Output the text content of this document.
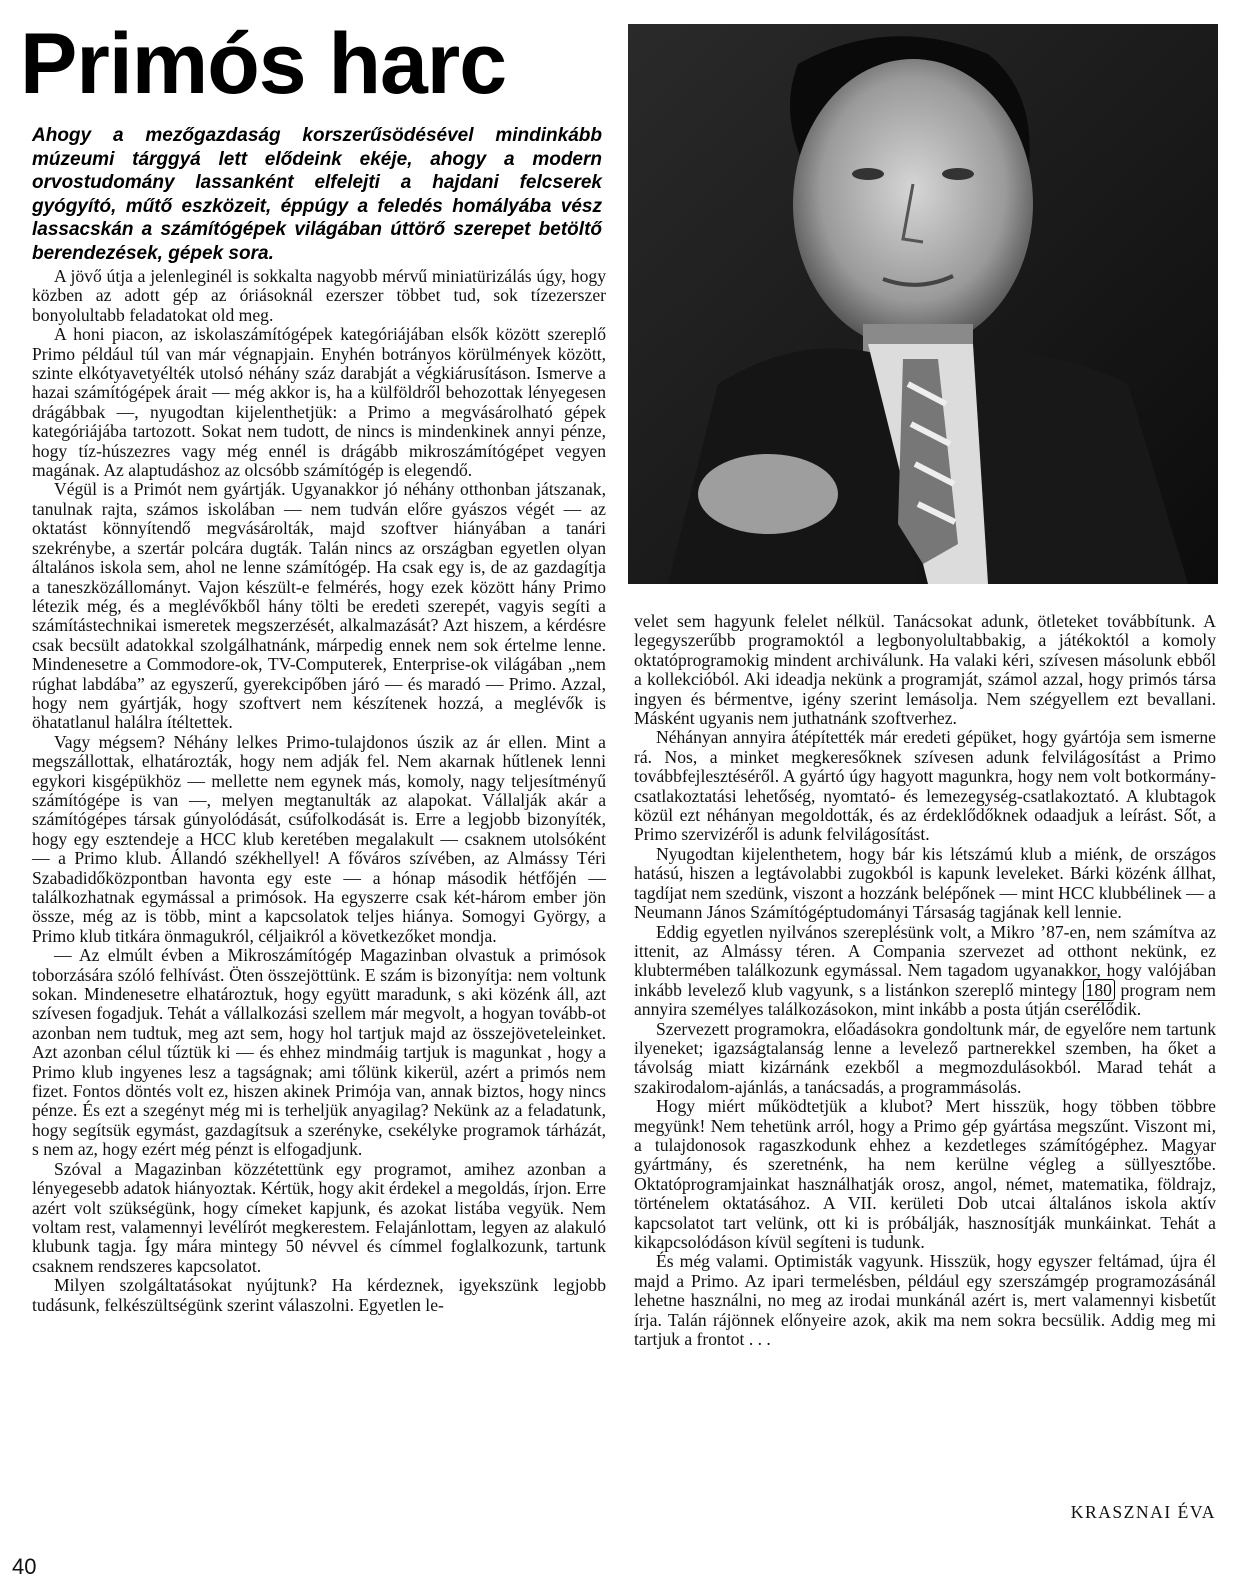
Primós harc

Ahogy a mezőgazdaság korszerűsödésével mindinkább múzeumi tárggyá lett elődeink ekéje, ahogy a modern orvostudomány lassanként elfelejti a hajdani felcserek gyógyító, műtő eszközeit, éppúgy a feledés homályába vész lassacskán a számítógépek világában úttörő szerepet betöltő berendezések, gépek sora.

A jövő útja a jelenleginél is sokkalta nagyobb mérvű miniatürizálás úgy, hogy közben az adott gép az óriásoknál ezerszer többet tud, sok tízezerszer bonyolultabb feladatokat old meg.

A honi piacon, az iskolaszámítógépek kategóriájában elsők között szereplő Primo például túl van már végnapjain. Enyhén botrányos körülmények között, szinte elkótyavetyélték utolsó néhány száz darabját a végkiárusításon. Ismerve a hazai számítógépek árait — még akkor is, ha a külföldről behozottak lényegesen drágábbak —, nyugodtan kijelenthetjük: a Primo a megvásárolható gépek kategóriájába tartozott. Sokat nem tudott, de nincs is mindenkinek annyi pénze, hogy tíz-húszezres vagy még ennél is drágább mikroszámítógépet vegyen magának. Az alaptudáshoz az olcsóbb számítógép is elegendő.

Végül is a Primót nem gyártják. Ugyanakkor jó néhány otthonban játszanak, tanulnak rajta, számos iskolában — nem tudván előre gyászos végét — az oktatást könnyítendő megvásárolták, majd szoftver hiányában a tanári szekrénybe, a szertár polcára dugták. Talán nincs az országban egyetlen olyan általános iskola sem, ahol ne lenne számítógép. Ha csak egy is, de az gazdagítja a taneszközállományt. Vajon készült-e felmérés, hogy ezek között hány Primo létezik még, és a meglévőkből hány tölti be eredeti szerepét, vagyis segíti a számítástechnikai ismeretek megszerzését, alkalmazását? Azt hiszem, a kérdésre csak becsült adatokkal szolgálhatnánk, márpedig ennek nem sok értelme lenne. Mindenesetre a Commodore-ok, TV-Computerek, Enterprise-ok világában „nem rúghat labdába” az egyszerű, gyerekcipőben járó — és maradó — Primo. Azzal, hogy nem gyártják, hogy szoftvert nem készítenek hozzá, a meglévők is öhatatlanul halálra ítéltettek.

Vagy mégsem? Néhány lelkes Primo-tulajdonos úszik az ár ellen. Mint a megszállottak, elhatározták, hogy nem adják fel. Nem akarnak hűtlenek lenni egykori kisgépükhöz — mellette nem egynek más, komoly, nagy teljesítményű számítógépe is van —, melyen megtanulták az alapokat. Vállalják akár a számítógépes társak gúnyolódását, csúfolkodását is. Erre a legjobb bizonyíték, hogy egy esztendeje a HCC klub keretében megalakult — csaknem utolsóként — a Primo klub. Állandó székhellyel! A főváros szívében, az Almássy Téri Szabadidőközpontban havonta egy este — a hónap második hétfőjén — találkozhatnak egymással a primósok. Ha egyszerre csak két-három ember jön össze, még az is több, mint a kapcsolatok teljes hiánya. Somogyi György, a Primo klub titkára önmagukról, céljaikról a következőket mondja.

— Az elmúlt évben a Mikroszámítógép Magazinban olvastuk a primósok toborzására szóló felhívást. Öten összejöttünk. E szám is bizonyítja: nem voltunk sokan. Mindenesetre elhatároztuk, hogy együtt maradunk, s aki közénk áll, azt szívesen fogadjuk. Tehát a vállalkozási szellem már megvolt, a hogyan tovább-ot azonban nem tudtuk, meg azt sem, hogy hol tartjuk majd az összejöveteleinket. Azt azonban célul tűztük ki — és ehhez mindmáig tartjuk is magunkat , hogy a Primo klub ingyenes lesz a tagságnak; ami tőlünk kikerül, azért a primós nem fizet. Fontos döntés volt ez, hiszen akinek Primója van, annak biztos, hogy nincs pénze. És ezt a szegényt még mi is terheljük anyagilag? Nekünk az a feladatunk, hogy segítsük egymást, gazdagítsuk a szerényke, csekélyke programok tárházát, s nem az, hogy ezért még pénzt is elfogadjunk.

Szóval a Magazinban közzétettünk egy programot, amihez azonban a lényegesebb adatok hiányoztak. Kértük, hogy akit érdekel a megoldás, írjon. Erre azért volt szükségünk, hogy címeket kapjunk, és azokat listába vegyük. Nem voltam rest, valamennyi levélírót megkerestem. Felajánlottam, legyen az alakuló klubunk tagja. Így mára mintegy 50 névvel és címmel foglalkozunk, tartunk csaknem rendszeres kapcsolatot.

Milyen szolgáltatásokat nyújtunk? Ha kérdeznek, igyekszünk legjobb tudásunk, felkészültségünk szerint válaszolni. Egyetlen le-

velet sem hagyunk felelet nélkül. Tanácsokat adunk, ötleteket továbbítunk. A legegyszerűbb programoktól a legbonyolultabbakig, a játékoktól a komoly oktatóprogramokig mindent archiválunk. Ha valaki kéri, szívesen másolunk ebből a kollekcióból. Aki ideadja nekünk a programját, számol azzal, hogy primós társa ingyen és bérmentve, igény szerint lemásolja. Nem szégyellem ezt bevallani. Másként ugyanis nem juthatnánk szoftverhez.

Néhányan annyira átépítették már eredeti gépüket, hogy gyártója sem ismerne rá. Nos, a minket megkeresőknek szívesen adunk felvilágosítást a Primo továbbfejlesztéséről. A gyártó úgy hagyott magunkra, hogy nem volt botkormány-csatlakoztatási lehetőség, nyomtató- és lemezegység-csatlakoztató. A klubtagok közül ezt néhányan megoldották, és az érdeklődőknek odaadjuk a leírást. Sőt, a Primo szervizéről is adunk felvilágosítást.

Nyugodtan kijelenthetem, hogy bár kis létszámú klub a miénk, de országos hatású, hiszen a legtávolabbi zugokból is kapunk leveleket. Bárki közénk állhat, tagdíjat nem szedünk, viszont a hozzánk belépőnek — mint HCC klubbélinek — a Neumann János Számítógéptudományi Társaság tagjának kell lennie.

Eddig egyetlen nyilvános szereplésünk volt, a Mikro ’87-en, nem számítva az ittenit, az Almássy téren. A Compania szervezet ad otthont nekünk, ez klubtermében találkozunk egymással. Nem tagadom ugyanakkor, hogy valójában inkább levelező klub vagyunk, s a listánkon szereplő mintegy 180 program nem annyira személyes találkozásokon, mint inkább a posta útján cserélődik.

Szervezett programokra, előadásokra gondoltunk már, de egyelőre nem tartunk ilyeneket; igazságtalanság lenne a levelező partnerekkel szemben, ha őket a távolság miatt kizárnánk ezekből a megmozdulásokból. Marad tehát a szakirodalom-ajánlás, a tanácsadás, a programmásolás.

Hogy miért működtetjük a klubot? Mert hisszük, hogy többen többre megyünk! Nem tehetünk arról, hogy a Primo gép gyártása megszűnt. Viszont mi, a tulajdonosok ragaszkodunk ehhez a kezdetleges számítógéphez. Magyar gyártmány, és szeretnénk, ha nem kerülne végleg a süllyesztőbe. Oktatóprogramjainkat használhatják orosz, angol, német, matematika, földrajz, történelem oktatásához. A VII. kerületi Dob utcai általános iskola aktív kapcsolatot tart velünk, ott ki is próbálják, hasznosítják munkáinkat. Tehát a kikapcsolódáson kívül segíteni is tudunk.

És még valami. Optimisták vagyunk. Hisszük, hogy egyszer feltámad, újra él majd a Primo. Az ipari termelésben, például egy szerszámgép programozásánál lehetne használni, no meg az irodai munkánál azért is, mert valamennyi kisbetűt írja. Talán rájönnek előnyeire azok, akik ma nem sokra becsülik. Addig meg mi tartjuk a frontot . . .

KRASZNAI ÉVA

40
